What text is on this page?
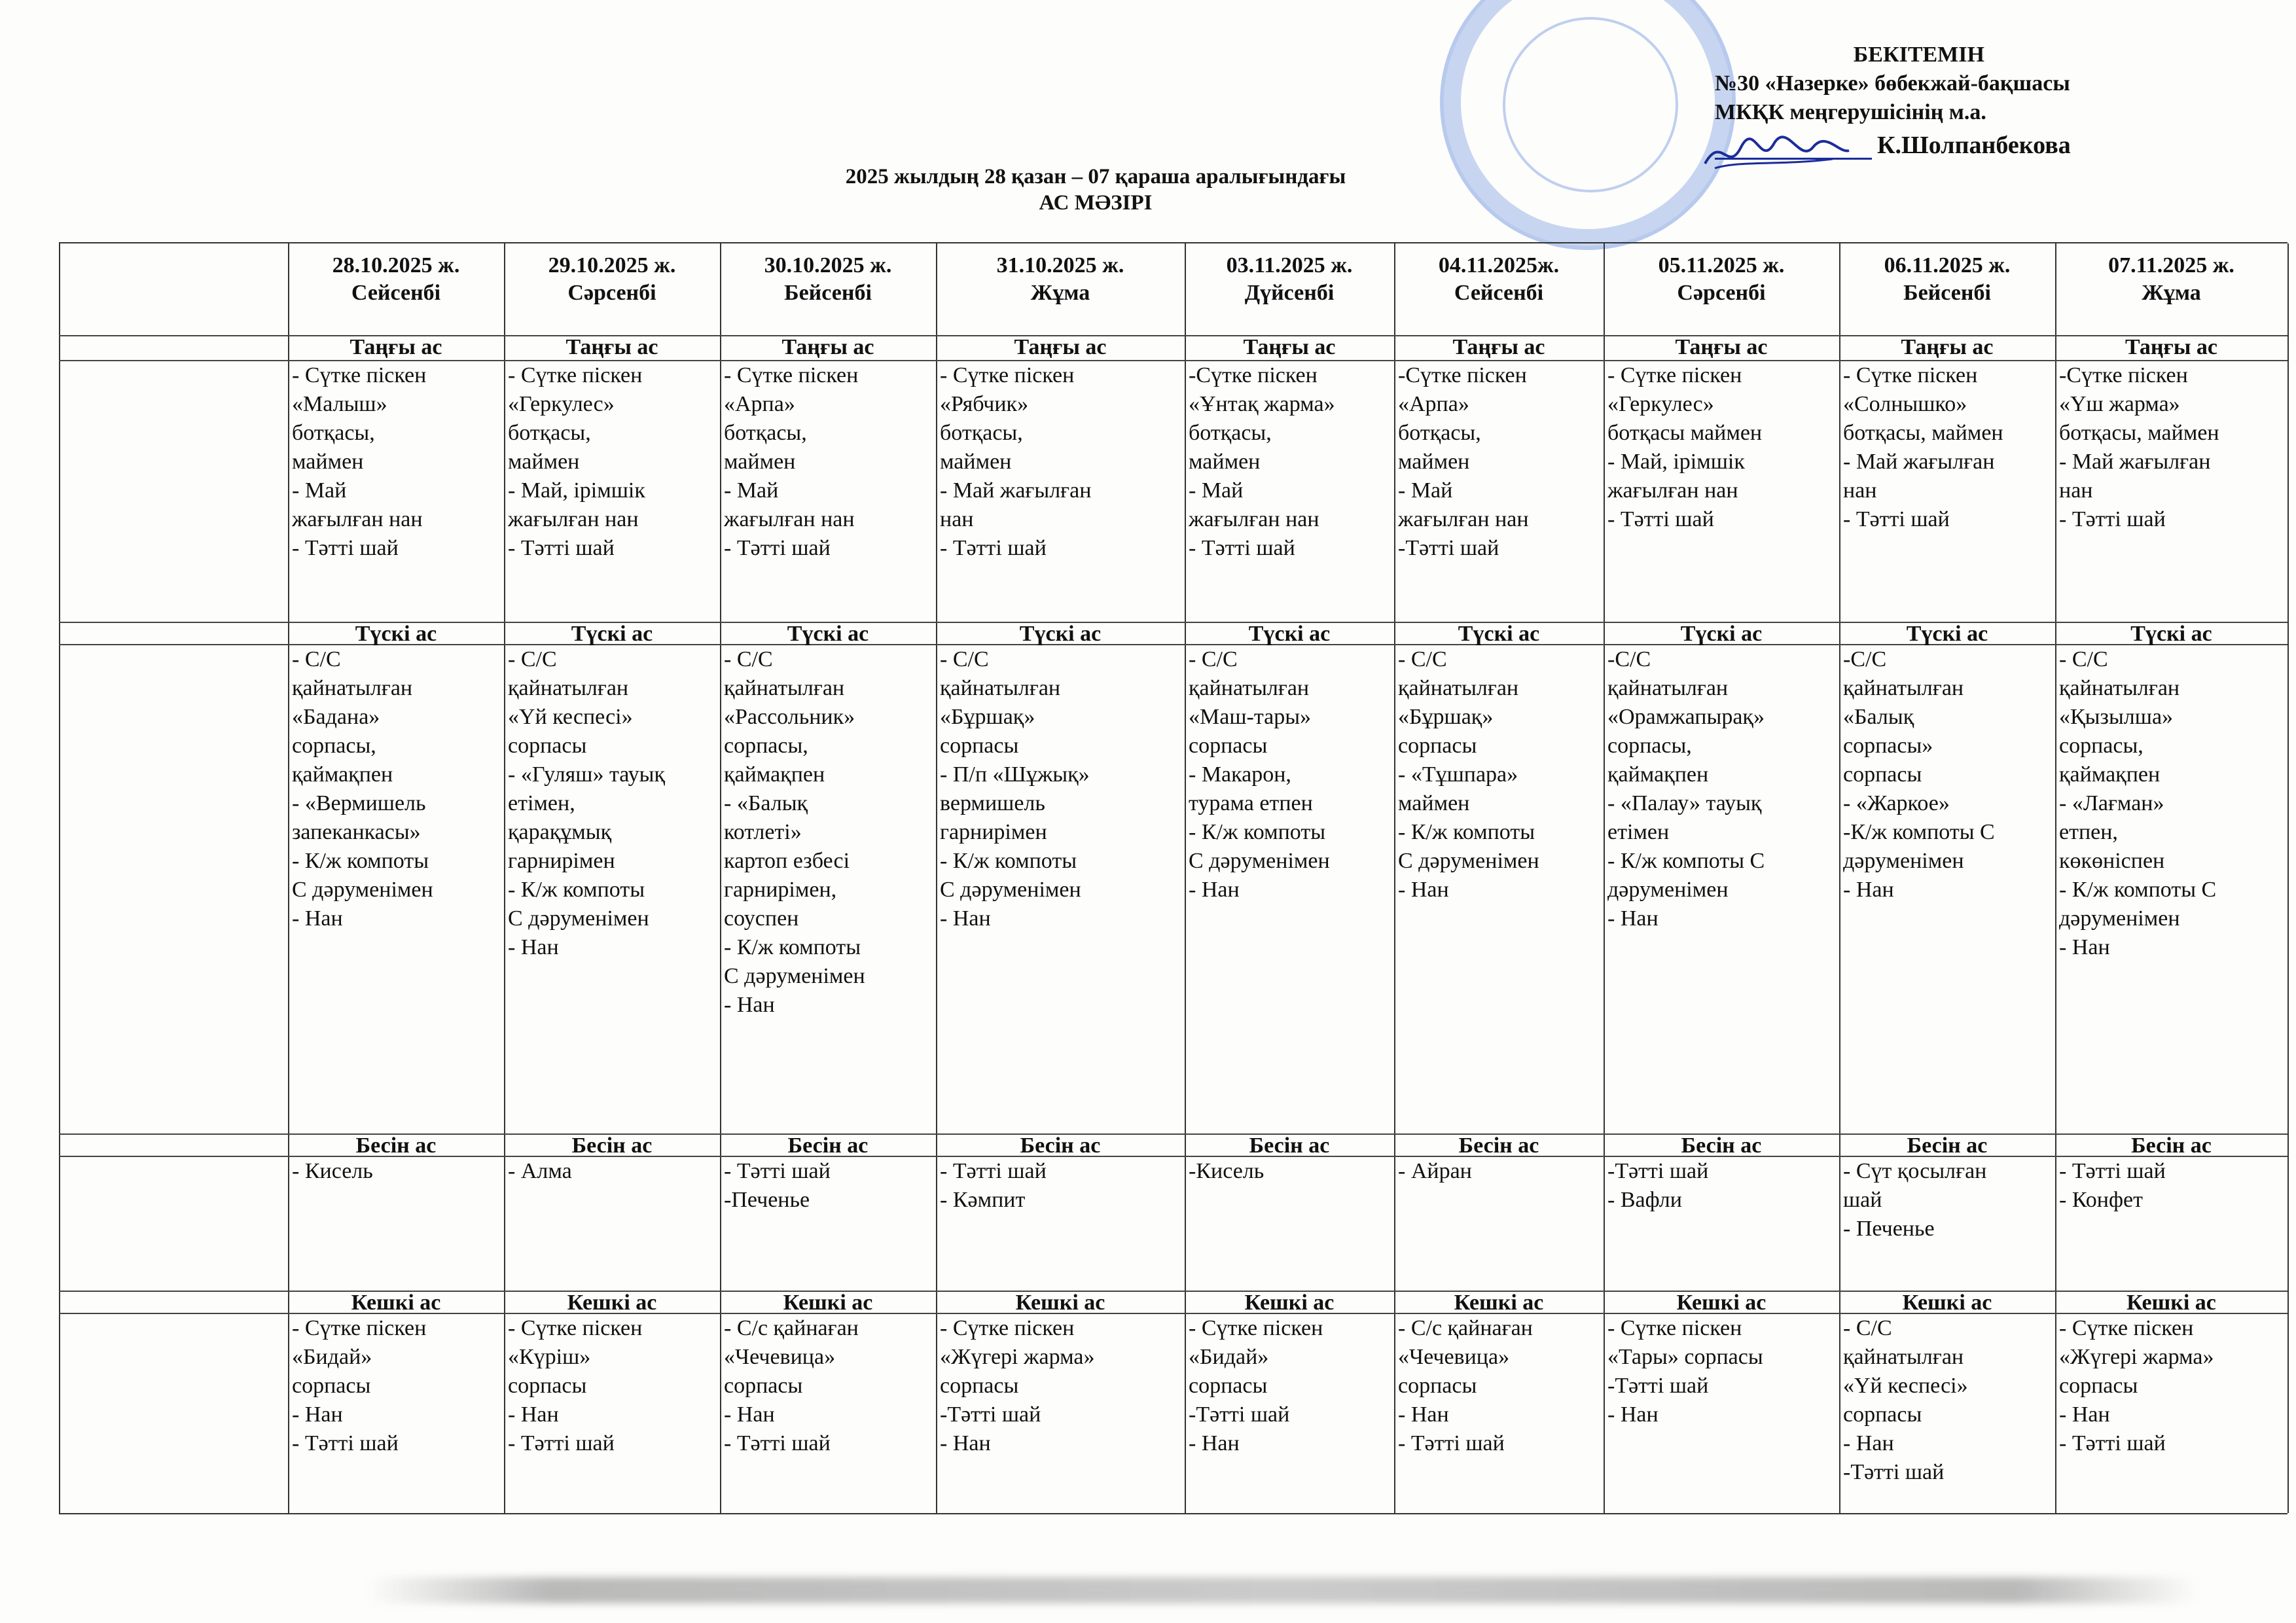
БЕКІТЕМІН
№30 «Назерке» бөбекжай-бақшасы
МКҚК меңгерушісінің м.а.
К.Шолпанбекова
2025 жылдың 28 қазан – 07 қараша аралығындағы
АС МӘЗІРІ
28.10.2025 ж.
Сейсенбі
29.10.2025 ж.
Сәрсенбі
30.10.2025 ж.
Бейсенбі
31.10.2025 ж.
Жұма
03.11.2025 ж.
Дүйсенбі
04.11.2025ж.
Сейсенбі
05.11.2025 ж.
Сәрсенбі
06.11.2025 ж.
Бейсенбі
07.11.2025 ж.
Жұма
Таңғы ас
- Сүтке піскен
«Малыш»
ботқасы,
маймен
- Май
жағылған нан
- Тәтті шай
Таңғы ас
- Сүтке піскен
«Геркулес»
ботқасы,
маймен
- Май, ірімшік
жағылған нан
- Тәтті шай
Таңғы ас
- Сүтке піскен
«Арпа»
ботқасы,
маймен
- Май
жағылған нан
- Тәтті шай
Таңғы ас
- Сүтке піскен
«Рябчик»
ботқасы,
маймен
- Май жағылған
нан
- Тәтті шай
Таңғы ас
-Сүтке піскен
«Ұнтақ жарма»
ботқасы,
маймен
- Май
жағылған нан
- Тәтті шай
Таңғы ас
-Сүтке піскен
«Арпа»
ботқасы,
маймен
- Май
жағылған нан
-Тәтті шай
Таңғы ас
- Сүтке піскен
«Геркулес»
ботқасы маймен
- Май, ірімшік
жағылған нан
- Тәтті шай
Таңғы ас
- Сүтке піскен
«Солнышко»
ботқасы, маймен
- Май жағылған
нан
- Тәтті шай
Таңғы ас
-Сүтке піскен
«Үш жарма»
ботқасы, маймен
- Май жағылған
нан
- Тәтті шай
Түскі ас
- С/С
қайнатылған
«Бадана»
сорпасы,
қаймақпен
- «Вермишель
запеканкасы»
- К/ж компоты
С дәруменімен
- Нан
Түскі ас
- С/С
қайнатылған
«Үй кеспесі»
сорпасы
- «Гуляш» тауық
етімен,
қарақұмық
гарнирімен
- К/ж компоты
С дәруменімен
- Нан
Түскі ас
- С/С
қайнатылған
«Рассольник»
сорпасы,
қаймақпен
- «Балық
котлеті»
картоп езбесі
гарнирімен,
соуспен
- К/ж компоты
С дәруменімен
- Нан
Түскі ас
- С/С
қайнатылған
«Бұршақ»
сорпасы
- П/п «Шұжық»
вермишель
гарнирімен
- К/ж компоты
С дәруменімен
- Нан
Түскі ас
- С/С
қайнатылған
«Маш-тары»
сорпасы
- Макарон,
турама етпен
- К/ж компоты
С дәруменімен
- Нан
Түскі ас
- С/С
қайнатылған
«Бұршақ»
сорпасы
- «Тұшпара»
маймен
- К/ж компоты
С дәруменімен
- Нан
Түскі ас
-С/С
қайнатылған
«Орамжапырақ»
сорпасы,
қаймақпен
- «Палау» тауық
етімен
- К/ж компоты С
дәруменімен
- Нан
Түскі ас
-С/С
қайнатылған
«Балық
сорпасы»
сорпасы
- «Жаркое»
-К/ж компоты С
дәруменімен
- Нан
Түскі ас
- С/С
қайнатылған
«Қызылша»
сорпасы,
қаймақпен
- «Лағман»
етпен,
көкөніспен
- К/ж компоты С
дәруменімен
- Нан
Бесін ас
- Кисель
Бесін ас
- Алма
Бесін ас
- Тәтті шай
-Печенье
Бесін ас
- Тәтті шай
- Кәмпит
Бесін ас
-Кисель
Бесін ас
- Айран
Бесін ас
-Тәтті шай
- Вафли
Бесін ас
- Сүт қосылған
шай
- Печенье
Бесін ас
- Тәтті шай
- Конфет
Кешкі ас
- Сүтке піскен
«Бидай»
сорпасы
- Нан
- Тәтті шай
Кешкі ас
- Сүтке піскен
«Күріш»
сорпасы
- Нан
- Тәтті шай
Кешкі ас
- С/с қайнаған
«Чечевица»
сорпасы
- Нан
- Тәтті шай
Кешкі ас
- Сүтке піскен
«Жүгері жарма»
сорпасы
-Тәтті шай
- Нан
Кешкі ас
- Сүтке піскен
«Бидай»
сорпасы
-Тәтті шай
- Нан
Кешкі ас
- С/с қайнаған
«Чечевица»
сорпасы
- Нан
- Тәтті шай
Кешкі ас
- Сүтке піскен
«Тары» сорпасы
-Тәтті шай
- Нан
Кешкі ас
- С/С
қайнатылған
«Үй кеспесі»
сорпасы
- Нан
-Тәтті шай
Кешкі ас
- Сүтке піскен
«Жүгері жарма»
сорпасы
- Нан
- Тәтті шай
